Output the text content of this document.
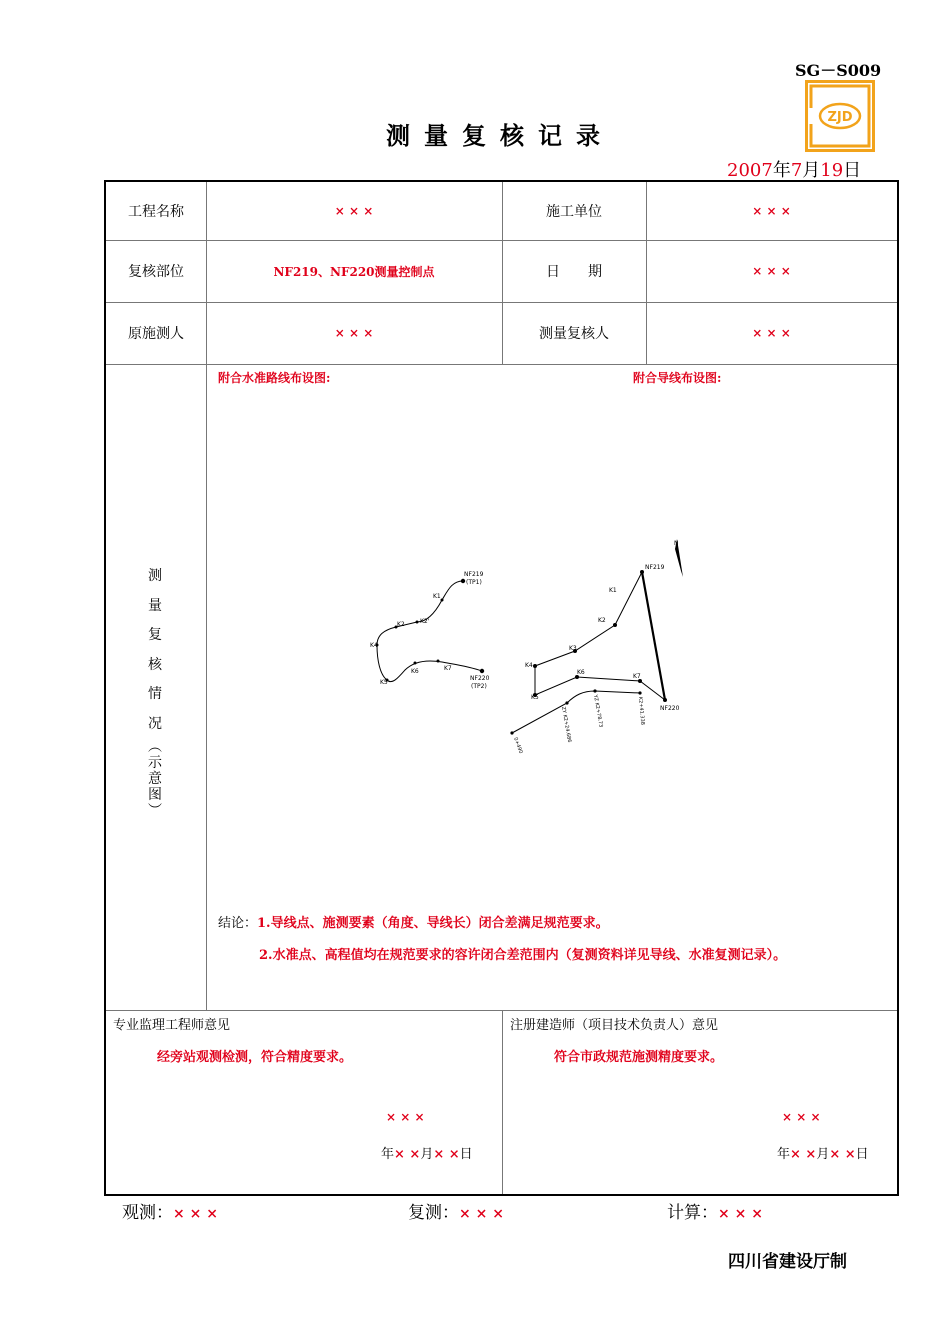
SG－S009
ZJD
测量复核记录
2007年7月19日
工程名称	× × ×	施工单位	× × ×
复核部位	NF219、NF220测量控制点	日　　期	× × ×
原施测人	× × ×	测量复核人	× × ×
测
量
复
核
情
况
︵
示
意
图
︶
附合水准路线布设图:	附合导线布设图:
NF219
(TP1)
K1
K2'
K2
K4
K5
K6	K7
NF220
(TP2)
N
NF219
K1
K2
K3
K4
K5
K6
K7
NF220
0+490
ZY K2+24.686	YZ K2+78.73	K2+41.338
结论：1.导线点、施测要素（角度、导线长）闭合差满足规范要求。
2.水准点、高程值均在规范要求的容许闭合差范围内（复测资料详见导线、水准复测记录）。
专业监理工程师意见
经旁站观测检测，符合精度要求。
× × ×
年× ×月× ×日
注册建造师（项目技术负责人）意见
符合市政规范施测精度要求。
× × ×
年× ×月× ×日
观测：× × ×	复测：× × ×	计算：× × ×
四川省建设厅制
